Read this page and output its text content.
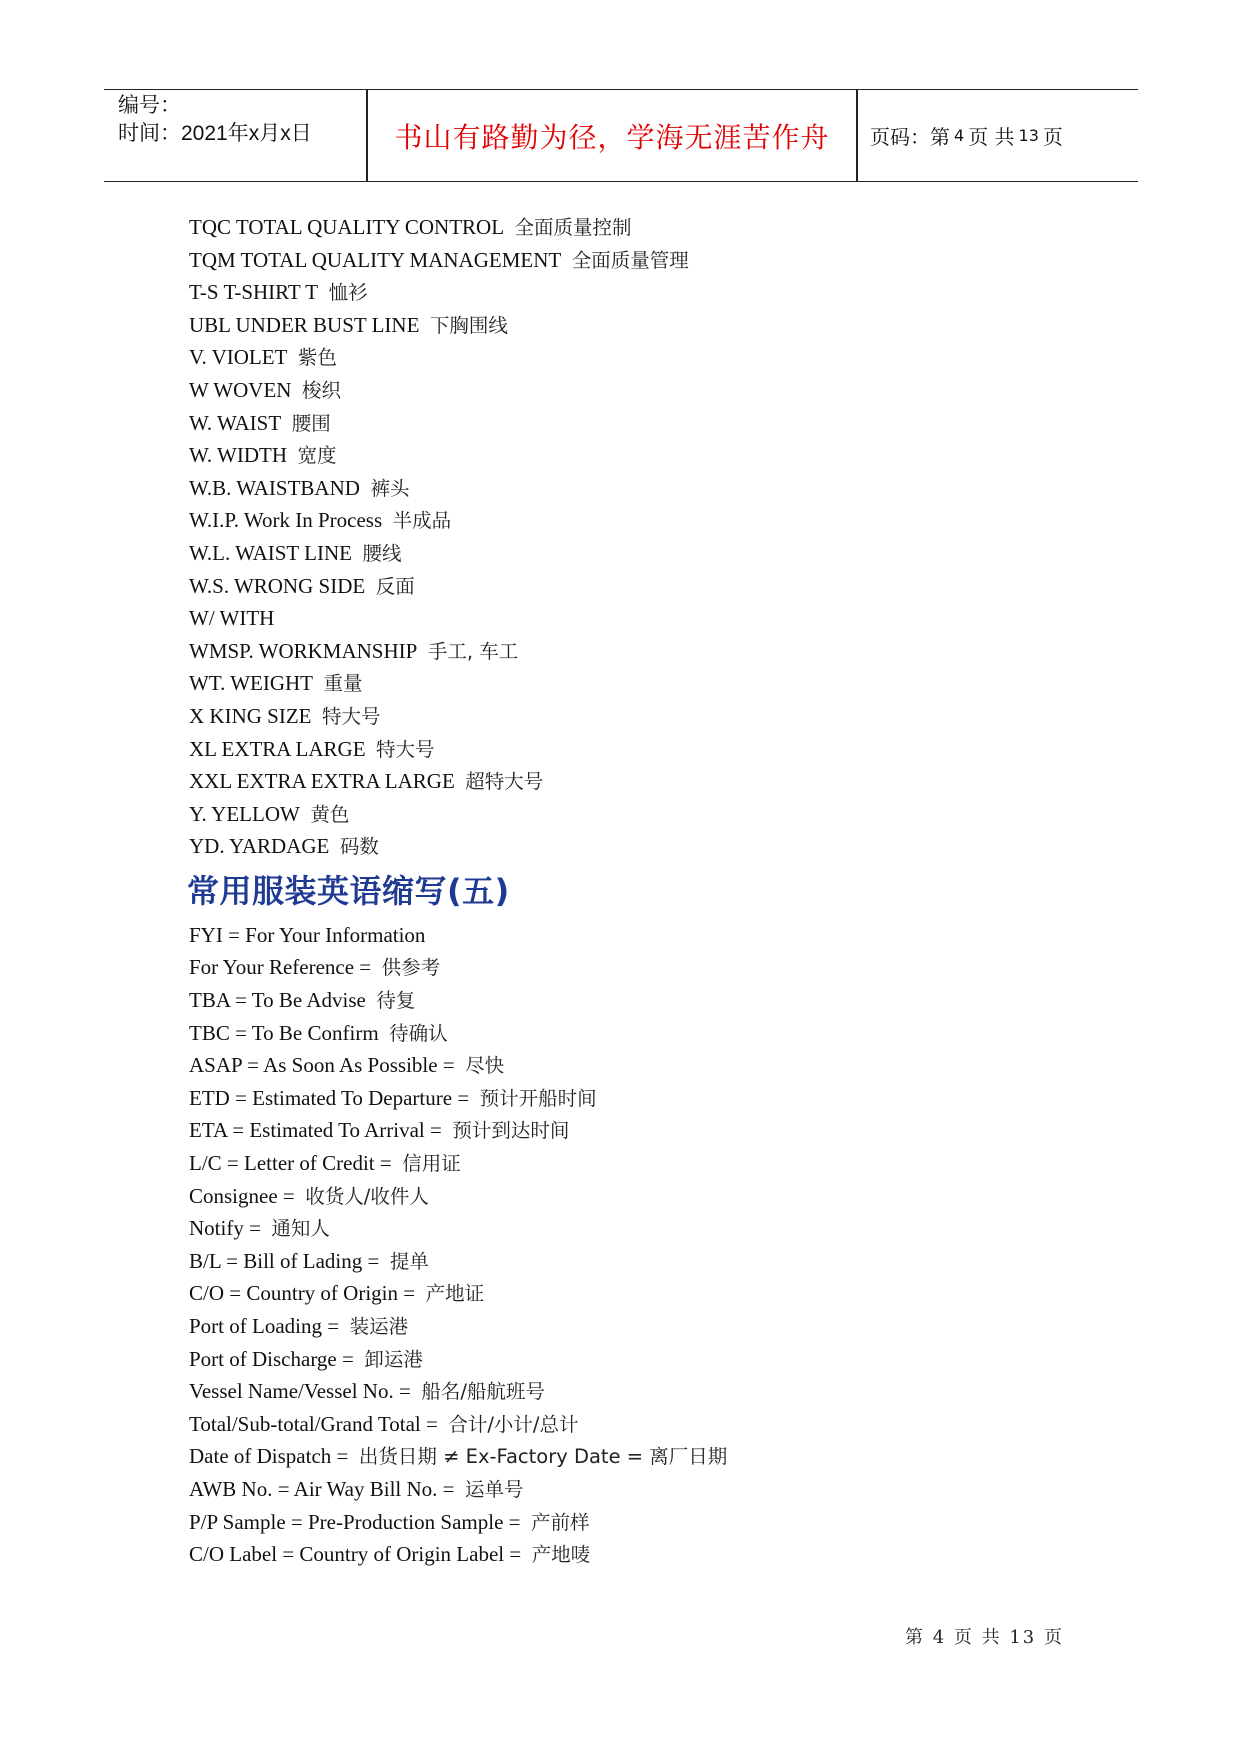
编号：
时间：2021年x月x日	书山有路勤为径，学海无涯苦作舟	页码：第 4 页 共 13 页
TQC TOTAL QUALITY CONTROL 全面质量控制
TQM TOTAL QUALITY MANAGEMENT 全面质量管理
T-S T-SHIRT T 恤衫
UBL UNDER BUST LINE 下胸围线
V. VIOLET 紫色
W WOVEN 梭织
W. WAIST 腰围
W. WIDTH 宽度
W.B. WAISTBAND 裤头
W.I.P. Work In Process 半成品
W.L. WAIST LINE 腰线
W.S. WRONG SIDE 反面
W/ WITH
WMSP. WORKMANSHIP 手工, 车工
WT. WEIGHT 重量
X KING SIZE 特大号
XL EXTRA LARGE 特大号
XXL EXTRA EXTRA LARGE 超特大号
Y. YELLOW 黄色
YD. YARDAGE 码数
常用服装英语缩写(五)
FYI = For Your Information
For Your Reference = 供参考
TBA = To Be Advise 待复
TBC = To Be Confirm 待确认
ASAP = As Soon As Possible = 尽快
ETD = Estimated To Departure = 预计开船时间
ETA = Estimated To Arrival = 预计到达时间
L/C = Letter of Credit = 信用证
Consignee = 收货人/收件人
Notify = 通知人
B/L = Bill of Lading = 提单
C/O = Country of Origin = 产地证
Port of Loading = 装运港
Port of Discharge = 卸运港
Vessel Name/Vessel No. = 船名/船航班号
Total/Sub-total/Grand Total = 合计/小计/总计
Date of Dispatch = 出货日期 ≠ Ex-Factory Date = 离厂日期
AWB No. = Air Way Bill No. = 运单号
P/P Sample = Pre-Production Sample = 产前样
C/O Label = Country of Origin Label = 产地唛
第 4 页 共 13 页
